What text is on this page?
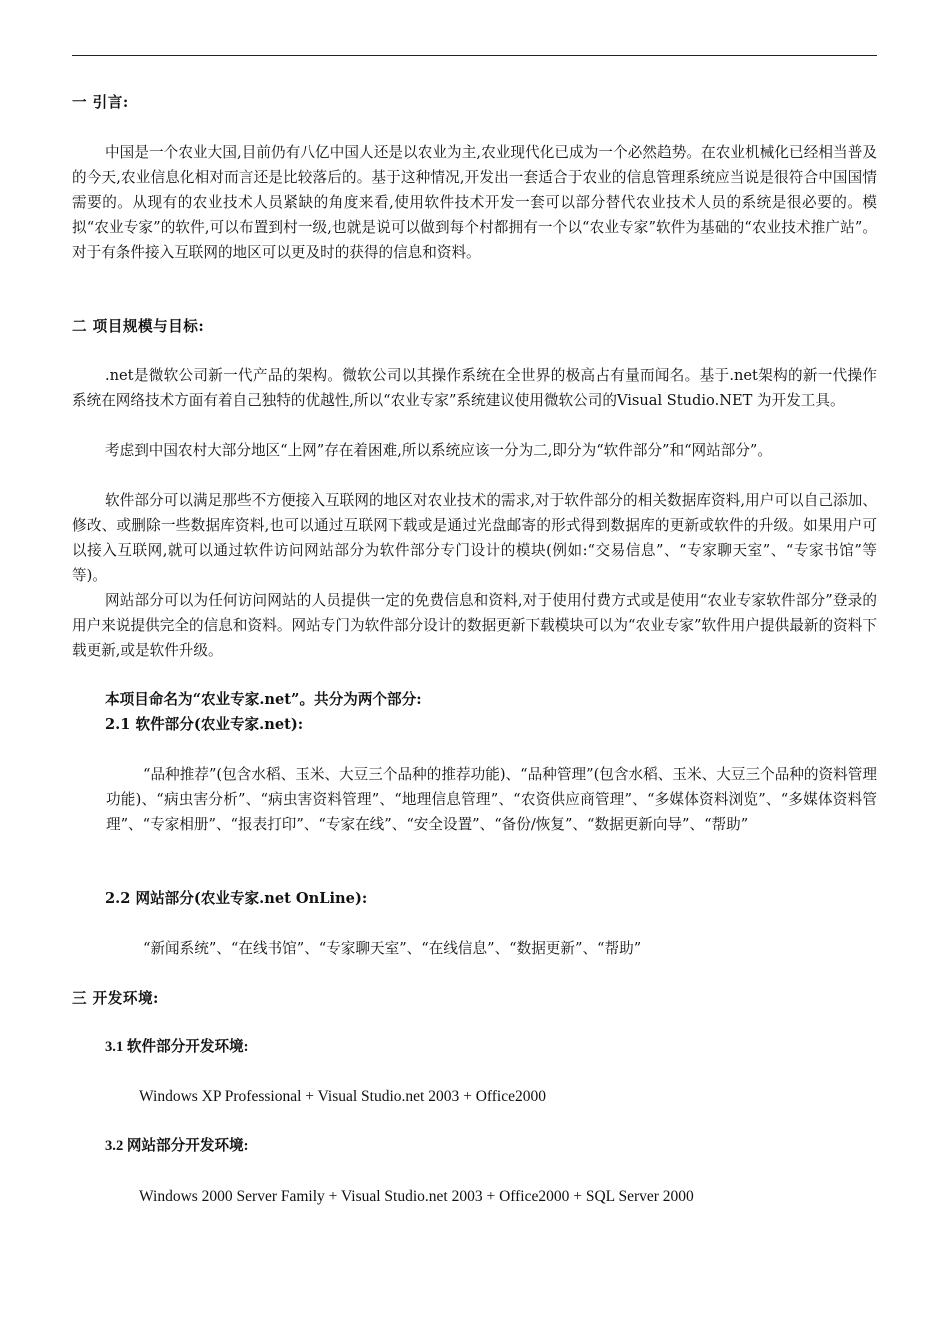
一 引言:

中国是一个农业大国,目前仍有八亿中国人还是以农业为主,农业现代化已成为一个必然趋势。在农业机械化已经相当普及的今天,农业信息化相对而言还是比较落后的。基于这种情况,开发出一套适合于农业的信息管理系统应当说是很符合中国国情需要的。从现有的农业技术人员紧缺的角度来看,使用软件技术开发一套可以部分替代农业技术人员的系统是很必要的。模拟“农业专家”的软件,可以布置到村一级,也就是说可以做到每个村都拥有一个以“农业专家”软件为基础的“农业技术推广站”。对于有条件接入互联网的地区可以更及时的获得的信息和资料。

二 项目规模与目标:

.net是微软公司新一代产品的架构。微软公司以其操作系统在全世界的极高占有量而闻名。基于.net架构的新一代操作系统在网络技术方面有着自己独特的优越性,所以“农业专家”系统建议使用微软公司的Visual Studio.NET 为开发工具。

考虑到中国农村大部分地区“上网”存在着困难,所以系统应该一分为二,即分为“软件部分”和“网站部分”。

软件部分可以满足那些不方便接入互联网的地区对农业技术的需求,对于软件部分的相关数据库资料,用户可以自己添加、修改、或删除一些数据库资料,也可以通过互联网下载或是通过光盘邮寄的形式得到数据库的更新或软件的升级。如果用户可以接入互联网,就可以通过软件访问网站部分为软件部分专门设计的模块(例如:“交易信息”、“专家聊天室”、“专家书馆”等等)。

网站部分可以为任何访问网站的人员提供一定的免费信息和资料,对于使用付费方式或是使用“农业专家软件部分”登录的用户来说提供完全的信息和资料。网站专门为软件部分设计的数据更新下载模块可以为“农业专家”软件用户提供最新的资料下载更新,或是软件升级。

本项目命名为“农业专家.net”。共分为两个部分:
2.1 软件部分(农业专家.net):

“品种推荐”(包含水稻、玉米、大豆三个品种的推荐功能)、“品种管理”(包含水稻、玉米、大豆三个品种的资料管理功能)、“病虫害分析”、“病虫害资料管理”、“地理信息管理”、“农资供应商管理”、“多媒体资料浏览”、“多媒体资料管理”、“专家相册”、“报表打印”、“专家在线”、“安全设置”、“备份/恢复”、“数据更新向导”、“帮助”

2.2 网站部分(农业专家.net OnLine):

“新闻系统”、“在线书馆”、“专家聊天室”、“在线信息”、“数据更新”、“帮助”

三 开发环境:
3.1 软件部分开发环境:
Windows XP Professional + Visual Studio.net 2003 + Office2000
3.2 网站部分开发环境:
Windows 2000 Server Family + Visual Studio.net 2003 + Office2000 + SQL Server 2000
